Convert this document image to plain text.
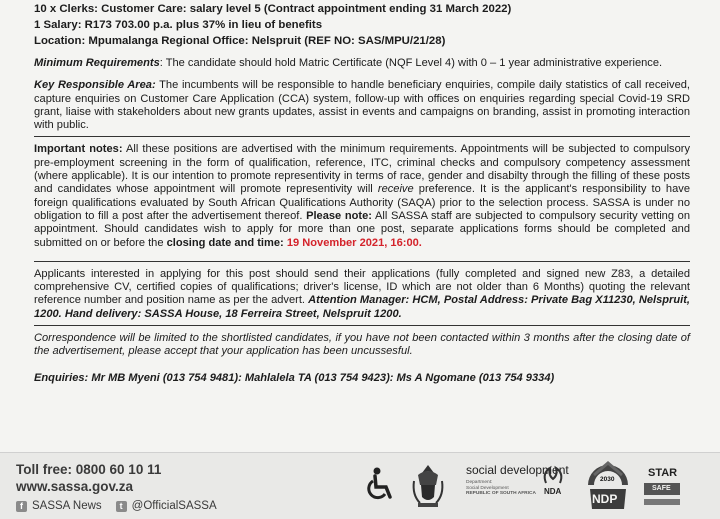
10 x Clerks: Customer Care: salary level 5 (Contract appointment ending 31 March 2022)

1 Salary: R173 703.00 p.a. plus 37% in lieu of benefits

Location: Mpumalanga Regional Office: Nelspruit (REF NO: SAS/MPU/21/28)

Minimum Requirements: The candidate should hold Matric Certificate (NQF Level 4) with 0 – 1 year administrative experience.

Key Responsible Area: The incumbents will be responsible to handle beneficiary enquiries, compile daily statistics of call received, capture enquiries on Customer Care Application (CCA) system, follow-up with offices on enquiries regarding special Covid-19 SRD grant, liaise with stakeholders about new grants updates, assist in events and campaigns on branding, assist in promoting interaction with public.

Important notes: All these positions are advertised with the minimum requirements. Appointments will be subjected to compulsory pre-employment screening in the form of qualification, reference, ITC, criminal checks and compulsory competency assessment (where applicable). It is our intention to promote representivity in terms of race, gender and disabilty through the filling of these posts and candidates whose appointment will promote representivity will receive preference. It is the applicant's responsibility to have foreign qualifications evaluated by South African Qualifications Authority (SAQA) prior to the selection process. SASSA is under no obligation to fill a post after the advertisement thereof. Please note: All SASSA staff are subjected to compulsory security vetting on appointment. Should candidates wish to apply for more than one post, separate applications forms should be completed and submitted on or before the closing date and time: 19 November 2021, 16:00.

Applicants interested in applying for this post should send their applications (fully completed and signed new Z83, a detailed comprehensive CV, certified copies of qualifications; driver's license, ID which are not older than 6 Months) quoting the relevant reference number and position name as per the advert. Attention Manager: HCM, Postal Address: Private Bag X11230, Nelspruit, 1200. Hand delivery: SASSA House, 18 Ferreira Street, Nelspruit 1200.

Correspondence will be limited to the shortlisted candidates, if you have not been contacted within 3 months after the closing date of the advertisement, please accept that your application has been uncussesful.

Enquiries: Mr MB Myeni (013 754 9481): Mahlalela TA (013 754 9423): Ms A Ngomane (013 754 9334)

Toll free: 0800 60 10 11
www.sassa.gov.za
f SASSA News	t @OfficialSASSA
social development
Department:
Social Development
REPUBLIC OF SOUTH AFRICA NDA
2030
NDP
STAR
SAFE
